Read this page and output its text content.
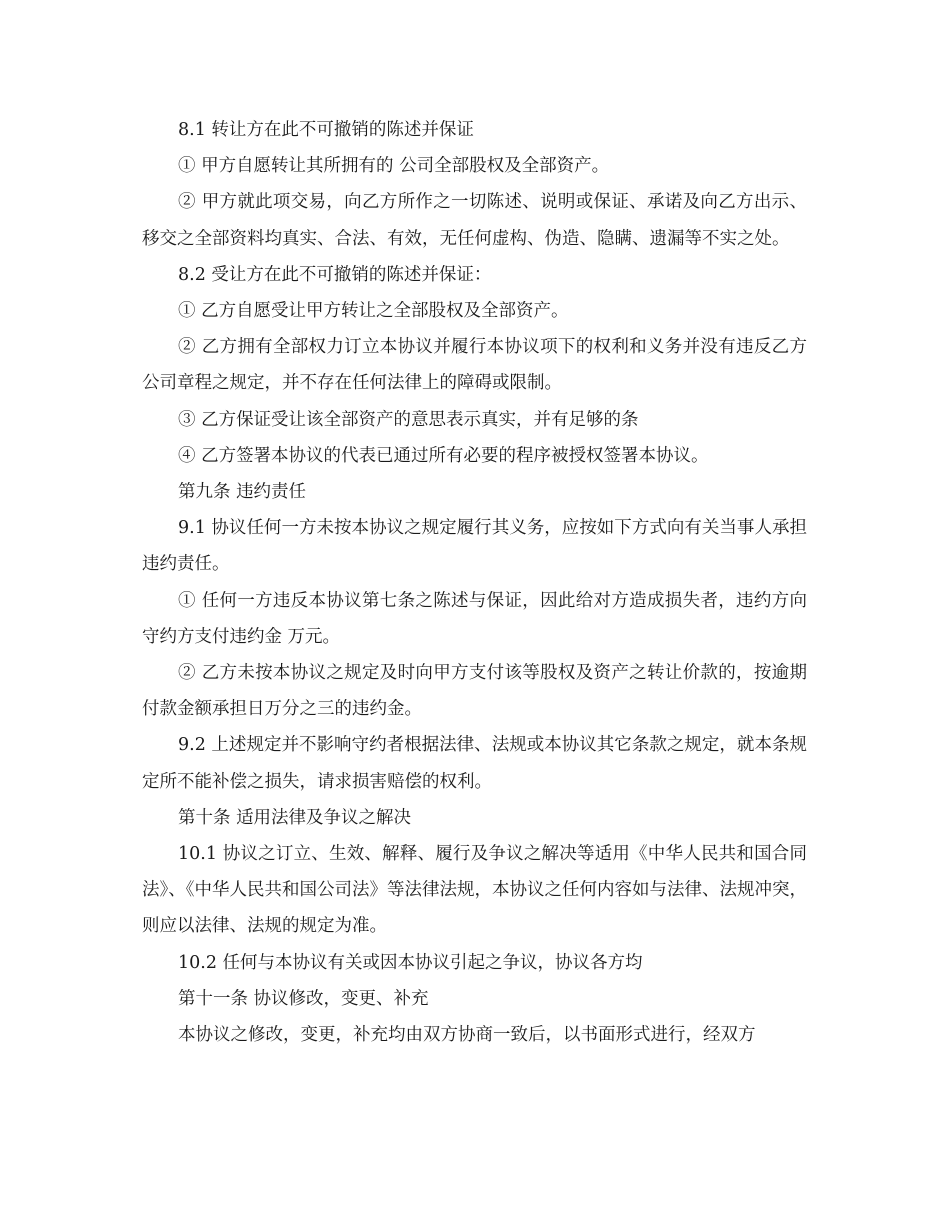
8.1 转让方在此不可撤销的陈述并保证

① 甲方自愿转让其所拥有的 公司全部股权及全部资产。

② 甲方就此项交易，向乙方所作之一切陈述、说明或保证、承诺及向乙方出示、移交之全部资料均真实、合法、有效，无任何虚构、伪造、隐瞒、遗漏等不实之处。

8.2 受让方在此不可撤销的陈述并保证：

① 乙方自愿受让甲方转让之全部股权及全部资产。

② 乙方拥有全部权力订立本协议并履行本协议项下的权利和义务并没有违反乙方公司章程之规定，并不存在任何法律上的障碍或限制。

③ 乙方保证受让该全部资产的意思表示真实，并有足够的条

④ 乙方签署本协议的代表已通过所有必要的程序被授权签署本协议。

第九条 违约责任

9.1 协议任何一方未按本协议之规定履行其义务，应按如下方式向有关当事人承担违约责任。

① 任何一方违反本协议第七条之陈述与保证，因此给对方造成损失者，违约方向守约方支付违约金 万元。

② 乙方未按本协议之规定及时向甲方支付该等股权及资产之转让价款的，按逾期付款金额承担日万分之三的违约金。

9.2 上述规定并不影响守约者根据法律、法规或本协议其它条款之规定，就本条规定所不能补偿之损失，请求损害赔偿的权利。

第十条 适用法律及争议之解决

10.1 协议之订立、生效、解释、履行及争议之解决等适用《中华人民共和国合同法》、《中华人民共和国公司法》等法律法规，本协议之任何内容如与法律、法规冲突，则应以法律、法规的规定为准。

10.2 任何与本协议有关或因本协议引起之争议，协议各方均

第十一条 协议修改，变更、补充

本协议之修改，变更，补充均由双方协商一致后，以书面形式进行，经双方
